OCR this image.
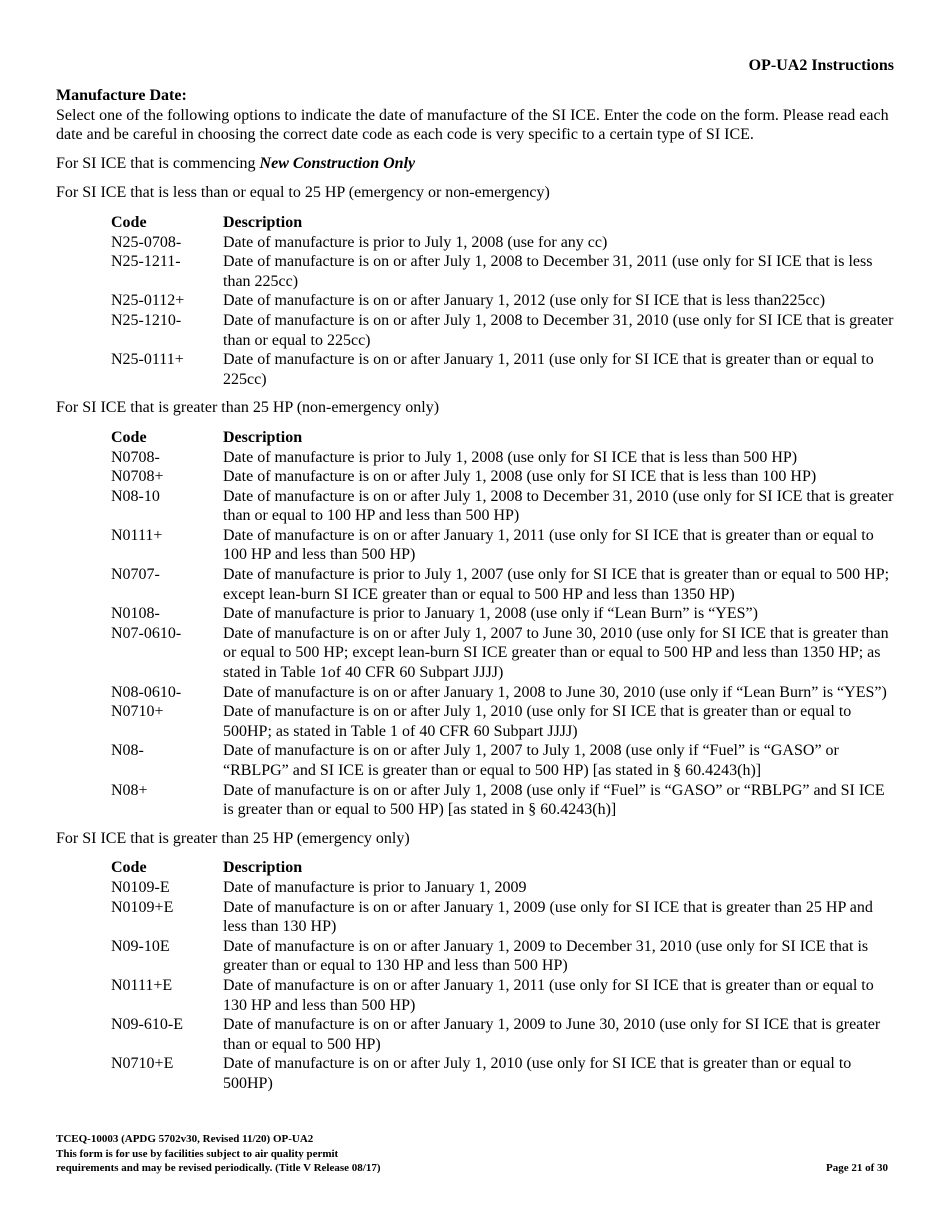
OP-UA2 Instructions

Manufacture Date:

Select one of the following options to indicate the date of manufacture of the SI ICE. Enter the code on the form. Please read each date and be careful in choosing the correct date code as each code is very specific to a certain type of SI ICE.

For SI ICE that is commencing New Construction Only

For SI ICE that is less than or equal to 25 HP (emergency or non-emergency)

Code	Description
N25-0708-	Date of manufacture is prior to July 1, 2008 (use for any cc)
N25-1211-	Date of manufacture is on or after July 1, 2008 to December 31, 2011 (use only for SI ICE that is less than 225cc)
N25-0112+	Date of manufacture is on or after January 1, 2012 (use only for SI ICE that is less than225cc)
N25-1210-	Date of manufacture is on or after July 1, 2008 to December 31, 2010 (use only for SI ICE that is greater than or equal to 225cc)
N25-0111+	Date of manufacture is on or after January 1, 2011 (use only for SI ICE that is greater than or equal to 225cc)

For SI ICE that is greater than 25 HP (non-emergency only)

Code	Description
N0708-	Date of manufacture is prior to July 1, 2008 (use only for SI ICE that is less than 500 HP)
N0708+	Date of manufacture is on or after July 1, 2008 (use only for SI ICE that is less than 100 HP)
N08-10	Date of manufacture is on or after July 1, 2008 to December 31, 2010 (use only for SI ICE that is greater than or equal to 100 HP and less than 500 HP)
N0111+	Date of manufacture is on or after January 1, 2011 (use only for SI ICE that is greater than or equal to 100 HP and less than 500 HP)
N0707-	Date of manufacture is prior to July 1, 2007 (use only for SI ICE that is greater than or equal to 500 HP; except lean-burn SI ICE greater than or equal to 500 HP and less than 1350 HP)
N0108-	Date of manufacture is prior to January 1, 2008 (use only if “Lean Burn” is “YES”)
N07-0610-	Date of manufacture is on or after July 1, 2007 to June 30, 2010 (use only for SI ICE that is greater than or equal to 500 HP; except lean-burn SI ICE greater than or equal to 500 HP and less than 1350 HP; as stated in Table 1of 40 CFR 60 Subpart JJJJ)
N08-0610-	Date of manufacture is on or after January 1, 2008 to June 30, 2010 (use only if “Lean Burn” is “YES”)
N0710+	Date of manufacture is on or after July 1, 2010 (use only for SI ICE that is greater than or equal to 500HP; as stated in Table 1 of 40 CFR 60 Subpart JJJJ)
N08-	Date of manufacture is on or after July 1, 2007 to July 1, 2008 (use only if “Fuel” is “GASO” or “RBLPG” and SI ICE is greater than or equal to 500 HP) [as stated in § 60.4243(h)]
N08+	Date of manufacture is on or after July 1, 2008 (use only if “Fuel” is “GASO” or “RBLPG” and SI ICE is greater than or equal to 500 HP) [as stated in § 60.4243(h)]

For SI ICE that is greater than 25 HP (emergency only)

Code	Description
N0109-E	Date of manufacture is prior to January 1, 2009
N0109+E	Date of manufacture is on or after January 1, 2009 (use only for SI ICE that is greater than 25 HP and less than 130 HP)
N09-10E	Date of manufacture is on or after January 1, 2009 to December 31, 2010 (use only for SI ICE that is greater than or equal to 130 HP and less than 500 HP)
N0111+E	Date of manufacture is on or after January 1, 2011 (use only for SI ICE that is greater than or equal to 130 HP and less than 500 HP)
N09-610-E	Date of manufacture is on or after January 1, 2009 to June 30, 2010 (use only for SI ICE that is greater than or equal to 500 HP)
N0710+E	Date of manufacture is on or after July 1, 2010 (use only for SI ICE that is greater than or equal to 500HP)
TCEQ-10003 (APDG 5702v30, Revised 11/20) OP-UA2
This form is for use by facilities subject to air quality permit
requirements and may be revised periodically. (Title V Release 08/17)	Page 21 of 30
